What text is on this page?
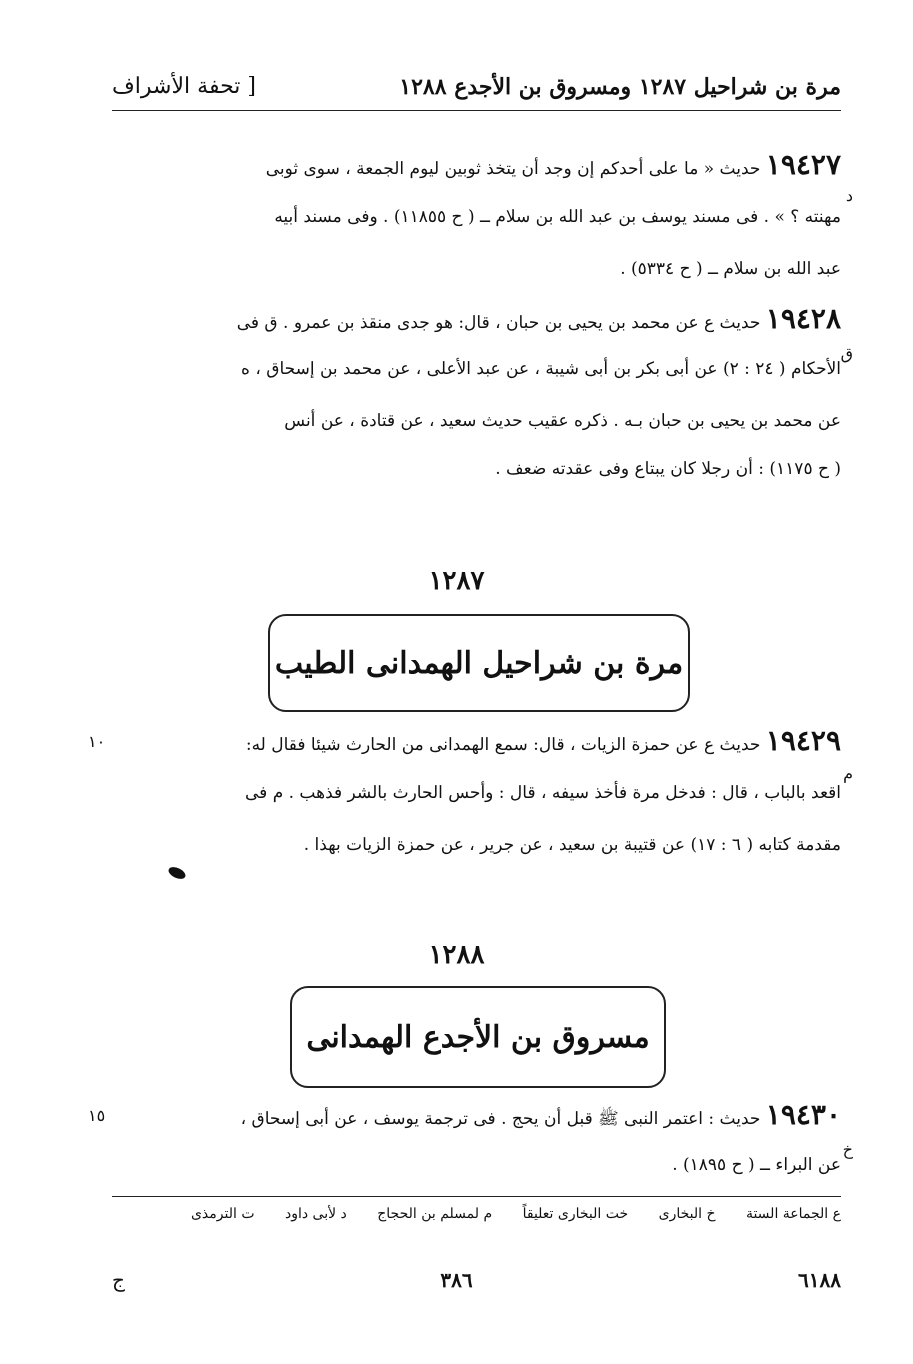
مرة بن شراحيل ١٢٨٧ ومسروق بن الأجدع ١٢٨٨
[ تحفة الأشراف
١٩٤٢٧ حديث « ما على أحدكم إن وجد أن يتخذ ثوبين ليوم الجمعة ، سوى ثوبى
مهنته ؟ » . فى مسند يوسف بن عبد الله بن سلام ــ ( ح ١١٨٥٥) . وفى مسند أبيه
عبد الله بن سلام ــ ( ح ٥٣٣٤) .
د
١٩٤٢٨ حديث ع عن محمد بن يحيى بن حبان ، قال: هو جدى منقذ بن عمرو . ق فى
الأحكام ( ٢٤ : ٢) عن أبى بكر بن أبى شيبة ، عن عبد الأعلى ، عن محمد بن إسحاق ، ه
عن محمد بن يحيى بن حبان بـه . ذكره عقيب حديث سعيد ، عن قتادة ، عن أنس
( ح ١١٧٥) : أن رجلا كان يبتاع وفى عقدته ضعف .
ق
١٢٨٧
مرة بن شراحيل الهمدانى الطيب
١٩٤٢٩ حديث ع عن حمزة الزيات ، قال: سمع الهمدانى من الحارث شيئا فقال له:
اقعد بالباب ، قال : فدخل مرة فأخذ سيفه ، قال : وأحس الحارث بالشر فذهب . م فى
مقدمة كتابه ( ٦ : ١٧) عن قتيبة بن سعيد ، عن جرير ، عن حمزة الزيات بهذا .
م
١٠
١٢٨٨
مسروق بن الأجدع الهمدانى
١٩٤٣٠ حديث : اعتمر النبى ﷺ قبل أن يحج . فى ترجمة يوسف ، عن أبى إسحاق ،
عن البراء ــ ( ح ١٨٩٥) .
خ
١٥
ع الجماعة الستة خ البخارى خت البخارى تعليقاً م لمسلم بن الحجاج د لأبى داود ت الترمذى
٦١٨٨
٣٨٦
ج
